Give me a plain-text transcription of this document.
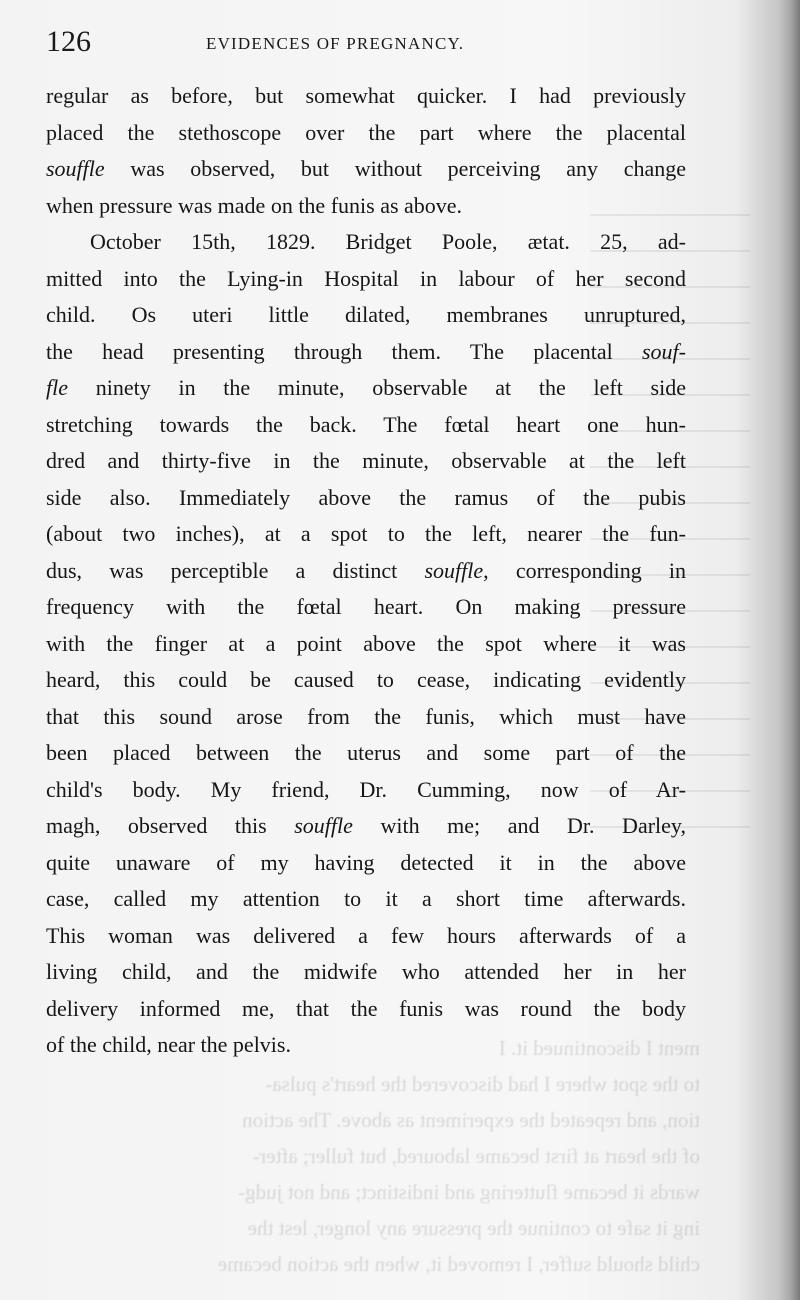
126	EVIDENCES OF PREGNANCY.
regular as before, but somewhat quicker. I had previously
placed the stethoscope over the part where the placental
souffle was observed, but without perceiving any change
when pressure was made on the funis as above.
October 15th, 1829. Bridget Poole, ætat. 25, ad-
mitted into the Lying-in Hospital in labour of her second
child. Os uteri little dilated, membranes unruptured,
the head presenting through them. The placental souf-
fle ninety in the minute, observable at the left side
stretching towards the back. The fœtal heart one hun-
dred and thirty-five in the minute, observable at the left
side also. Immediately above the ramus of the pubis
(about two inches), at a spot to the left, nearer the fun-
dus, was perceptible a distinct souffle, corresponding in
frequency with the fœtal heart. On making pressure
with the finger at a point above the spot where it was
heard, this could be caused to cease, indicating evidently
that this sound arose from the funis, which must have
been placed between the uterus and some part of the
child's body. My friend, Dr. Cumming, now of Ar-
magh, observed this souffle with me; and Dr. Darley,
quite unaware of my having detected it in the above
case, called my attention to it a short time afterwards.
This woman was delivered a few hours afterwards of a
living child, and the midwife who attended her in her
delivery informed me, that the funis was round the body
of the child, near the pelvis.	ment I discontinued it. I
to the spot where I had discovered the heart's pulsa-
tion, and repeated the experiment as above. The action
of the heart at first became laboured, but fuller; after-
wards it became fluttering and indistinct; and not judg-
ing it safe to continue the pressure any longer, lest the
child should suffer, I removed it, when the action became
